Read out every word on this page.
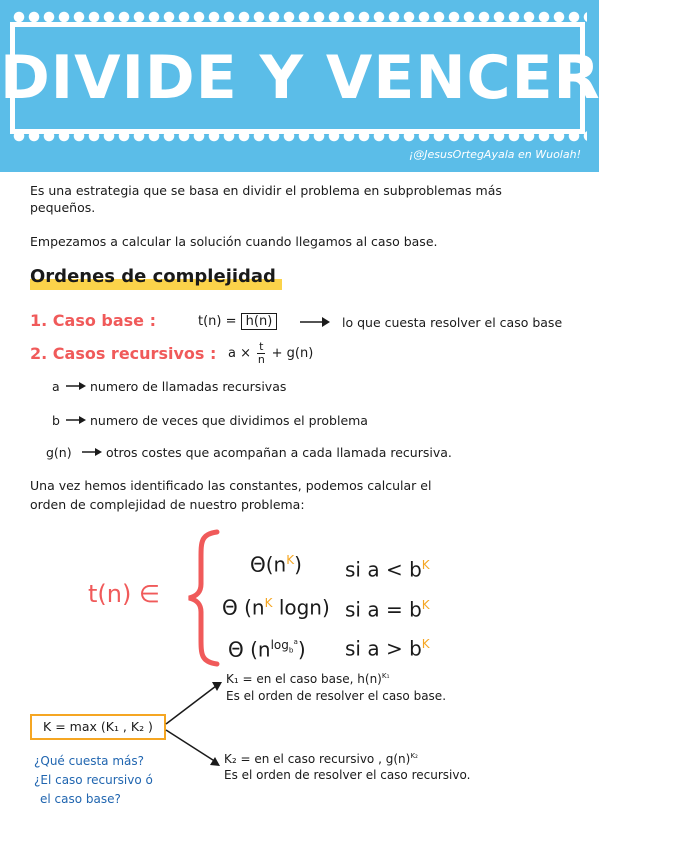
DIVIDE Y VENCERÁS
¡@JesusOrtegAyala en Wuolah!
Es una estrategia que se basa en dividir el problema en subproblemas más
pequeños.
Empezamos a calcular la solución cuando llegamos al caso base.
Ordenes de complejidad
1. Caso base :	t(n) = h(n)	lo que cuesta resolver el caso base
2. Casos recursivos : $a \times \frac{t}{n} + g(n)$
a numero de llamadas recursivas
b numero de veces que dividimos el problema
g(n)	otros costes que acompañan a cada llamada recursiva.
Una vez hemos identificado las constantes, podemos calcular el
orden de complejidad de nuestro problema:
t(n) ∈
$\Theta(n^K)$ si $a < b^K$
Θ ($n^K$ logn) si $a = b^K$
Θ $(n^{log_b^a})$ si $a > b^K$
K = max (K₁ , K₂ )
K₁ = en el caso base, $h(n)^{K_1}$
Es el orden de resolver el caso base.
K₂ = en el caso recursivo , $g(n)^{K_2}$
Es el orden de resolver el caso recursivo.
¿Qué cuesta más?
¿El caso recursivo ó
el caso base?
